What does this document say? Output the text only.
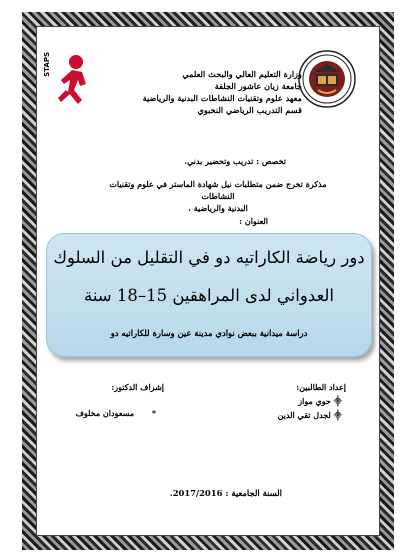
STAPS	وزارة التعليم العالي والبحث العلمي
جامعة زيان عاشور الجلفة
معهد علوم وتقنيات النشاطات البدنية والرياضية
قسم التدريب الرياضي النخبوي
تخصص : تدريب وتحضير بدني.
مذكرة تخرج ضمن متطلبات نيل شهادة الماستر في علوم وتقنيات النشاطات
البدنية والرياضية .
العنوان :
دور رياضة الكاراتيه دو في التقليل من السلوك
العدواني لدى المراهقين 15–18 سنة
دراسة ميدانية ببعض نوادي مدينة عين وسارة للكاراتيه دو
إعداد الطالبين:
⸎ حوي مواز
⸎ لجدل تقي الدين
إشراف الدكتور:
مسعودان مخلوف *
السنة الجامعية : 2017/2016.
